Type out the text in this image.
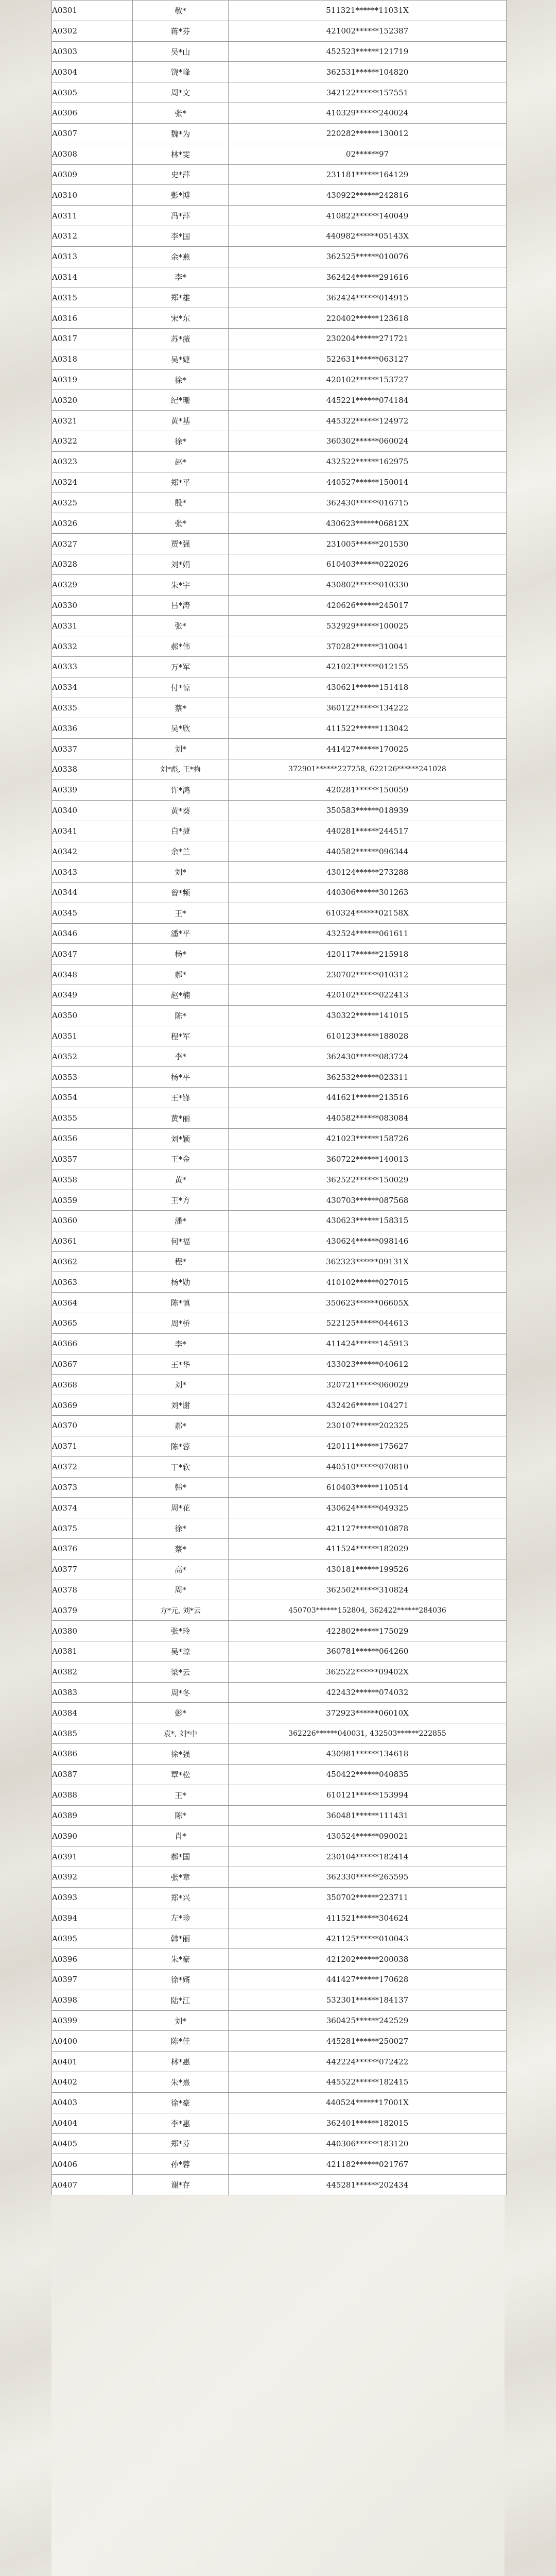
A0301	敬*	511321******11031X
A0302	蒋*芬	421002******152387
A0303	吴*山	452523******121719
A0304	饶*峰	362531******104820
A0305	周*文	342122******157551
A0306	张*	410329******240024
A0307	魏*为	220282******130012
A0308	林*雯	02******97
A0309	史*萍	231181******164129
A0310	彭*博	430922******242816
A0311	冯*萍	410822******140049
A0312	李*国	440982******05143X
A0313	余*燕	362525******010076
A0314	李*	362424******291616
A0315	郑*雄	362424******014915
A0316	宋*东	220402******123618
A0317	苏*薇	230204******271721
A0318	吴*婕	522631******063127
A0319	徐*	420102******153727
A0320	纪*珊	445221******074184
A0321	黄*基	445322******124972
A0322	徐*	360302******060024
A0323	赵*	432522******162975
A0324	郑*平	440527******150014
A0325	殷*	362430******016715
A0326	张*	430623******06812X
A0327	贾*强	231005******201530
A0328	刘*娟	610403******022026
A0329	朱*宇	430802******010330
A0330	吕*涛	420626******245017
A0331	张*	532929******100025
A0332	郝*伟	370282******310041
A0333	万*军	421023******012155
A0334	付*惊	430621******151418
A0335	蔡*	360122******134222
A0336	吴*欣	411522******113042
A0337	刘*	441427******170025
A0338	刘*彪, 王*梅	372901******227258, 622126******241028
A0339	许*鸿	420281******150059
A0340	黄*葵	350583******018939
A0341	白*捷	440281******244517
A0342	余*兰	440582******096344
A0343	刘*	430124******273288
A0344	曾*频	440306******301263
A0345	王*	610324******02158X
A0346	潘*平	432524******061611
A0347	杨*	420117******215918
A0348	郝*	230702******010312
A0349	赵*楠	420102******022413
A0350	陈*	430322******141015
A0351	程*军	610123******188028
A0352	李*	362430******083724
A0353	杨*平	362532******023311
A0354	王*锋	441621******213516
A0355	黄*丽	440582******083084
A0356	刘*颖	421023******158726
A0357	王*金	360722******140013
A0358	黄*	362522******150029
A0359	王*方	430703******087568
A0360	潘*	430623******158315
A0361	何*福	430624******098146
A0362	程*	362323******09131X
A0363	杨*勋	410102******027015
A0364	陈*慎	350623******06605X
A0365	周*桥	522125******044613
A0366	李*	411424******145913
A0367	王*华	433023******040612
A0368	刘*	320721******060029
A0369	刘*谢	432426******104271
A0370	郝*	230107******202325
A0371	陈*蓉	420111******175627
A0372	丁*软	440510******070810
A0373	韩*	610403******110514
A0374	周*花	430624******049325
A0375	徐*	421127******010878
A0376	蔡*	411524******182029
A0377	高*	430181******199526
A0378	周*	362502******310824
A0379	方*元, 刘*云	450703******152804, 362422******284036
A0380	张*玲	422802******175029
A0381	吴*琼	360781******064260
A0382	梁*云	362522******09402X
A0383	周*冬	422432******074032
A0384	彭*	372923******06010X
A0385	袁*, 刘*中	362226******040031, 432503******222855
A0386	徐*强	430981******134618
A0387	覃*松	450422******040835
A0388	王*	610121******153994
A0389	陈*	360481******111431
A0390	肖*	430524******090021
A0391	郝*国	230104******182414
A0392	张*章	362330******265595
A0393	郑*兴	350702******223711
A0394	左*珍	411521******304624
A0395	韩*丽	421125******010043
A0396	朱*豪	421202******200038
A0397	徐*婿	441427******170628
A0398	陆*江	532301******184137
A0399	刘*	360425******242529
A0400	陈*佳	445281******250027
A0401	林*惠	442224******072422
A0402	朱*熹	445522******182415
A0403	徐*豪	440524******17001X
A0404	李*惠	362401******182015
A0405	郑*芬	440306******183120
A0406	孙*蓉	421182******021767
A0407	谢*存	445281******202434
